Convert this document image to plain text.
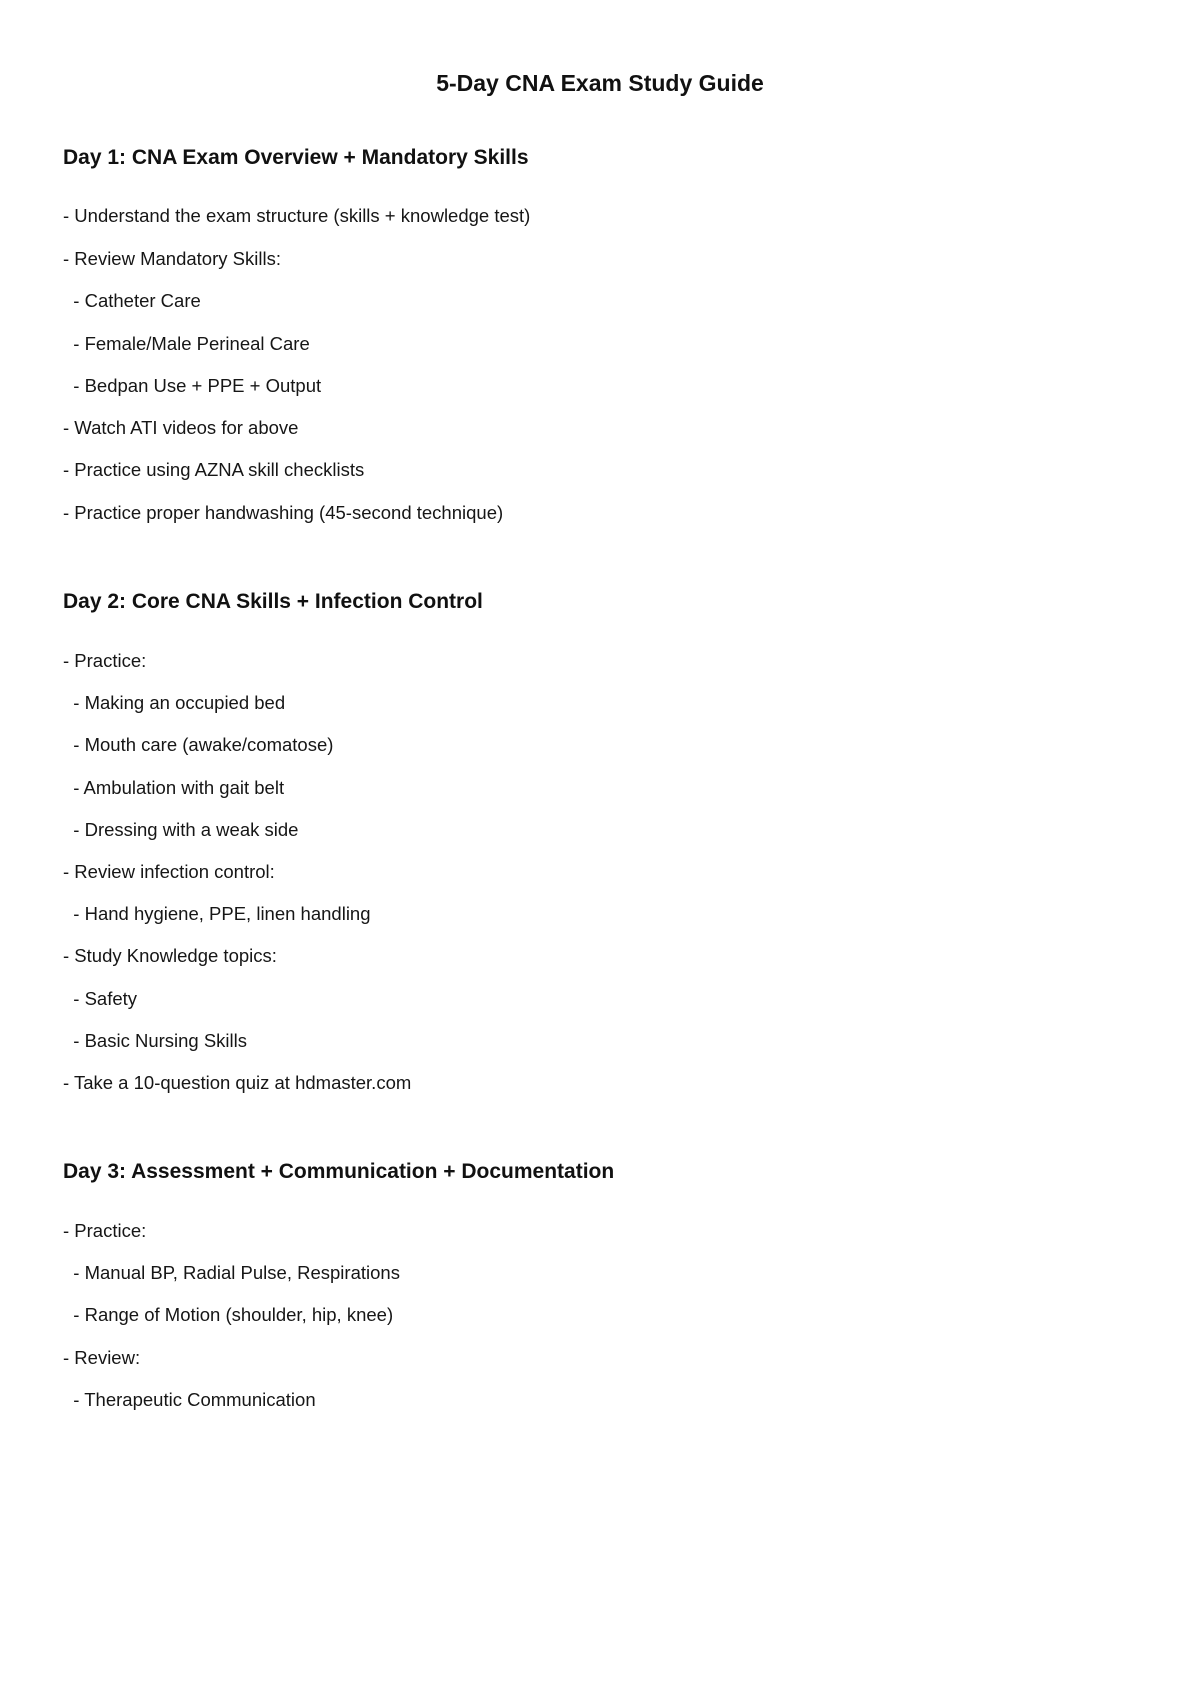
5-Day CNA Exam Study Guide
Day 1: CNA Exam Overview + Mandatory Skills
- Understand the exam structure (skills + knowledge test)
- Review Mandatory Skills:
- Catheter Care
- Female/Male Perineal Care
- Bedpan Use + PPE + Output
- Watch ATI videos for above
- Practice using AZNA skill checklists
- Practice proper handwashing (45-second technique)
Day 2: Core CNA Skills + Infection Control
- Practice:
- Making an occupied bed
- Mouth care (awake/comatose)
- Ambulation with gait belt
- Dressing with a weak side
- Review infection control:
- Hand hygiene, PPE, linen handling
- Study Knowledge topics:
- Safety
- Basic Nursing Skills
- Take a 10-question quiz at hdmaster.com
Day 3: Assessment + Communication + Documentation
- Practice:
- Manual BP, Radial Pulse, Respirations
- Range of Motion (shoulder, hip, knee)
- Review:
- Therapeutic Communication
